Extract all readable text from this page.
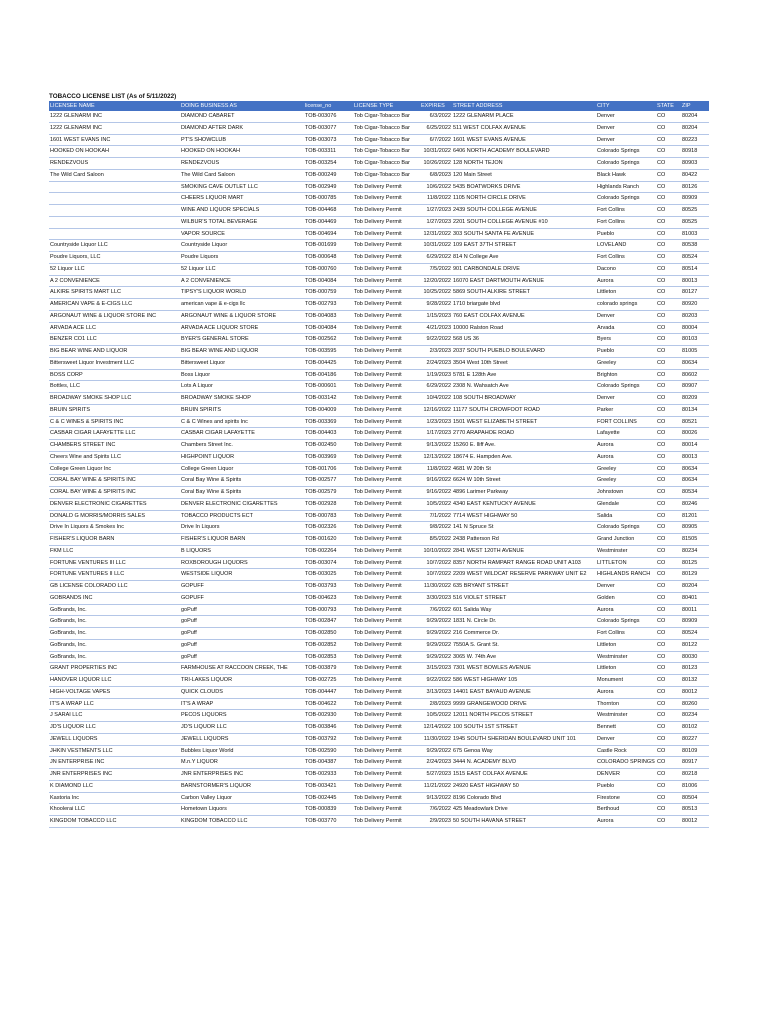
TOBACCO LICENSE LIST (As of 5/11/2022)
LICENSEE NAME	DOING BUSINESS AS	license_no	LICENSE TYPE	EXPIRES	STREET ADDRESS	CITY	STATE	ZIP
1222 GLENARM INC	DIAMOND CABARET	TOB-003076	Tob Cigar-Tobacco Bar	6/3/2022	1222 GLENARM PLACE	Denver	CO	80204
1222 GLENARM INC	DIAMOND AFTER DARK	TOB-003077	Tob Cigar-Tobacco Bar	6/25/2022	511 WEST COLFAX AVENUE	Denver	CO	80204
1601 WEST EVANS INC	PT'S SHOWCLUB	TOB-003073	Tob Cigar-Tobacco Bar	6/7/2022	1601 WEST EVANS AVENUE	Denver	CO	80223
HOOKED ON HOOKAH	HOOKED ON HOOKAH	TOB-003311	Tob Cigar-Tobacco Bar	10/31/2022	6406 NORTH ACADEMY BOULEVARD	Colorado Springs	CO	80918
RENDEZVOUS	RENDEZVOUS	TOB-003254	Tob Cigar-Tobacco Bar	10/26/2022	128 NORTH TEJON	Colorado Springs	CO	80903
The Wild Card Saloon	The Wild Card Saloon	TOB-000249	Tob Cigar-Tobacco Bar	6/8/2023	120 Main Street	Black Hawk	CO	80422
	SMOKING CAVE OUTLET LLC	TOB-002949	Tob Delivery Permit	10/6/2022	5435 BOATWORKS DRIVE	Highlands Ranch	CO	80126
	CHEERS LIQUOR MART	TOB-000785	Tob Delivery Permit	11/8/2022	1105 NORTH CIRCLE DRIVE	Colorado Springs	CO	80909
	WINE AND LIQUOR SPECIALS	TOB-004468	Tob Delivery Permit	1/27/2023	2439 SOUTH COLLEGE AVENUE	Fort Collins	CO	80525
	WILBUR'S TOTAL BEVERAGE	TOB-004469	Tob Delivery Permit	1/27/2023	2201 SOUTH COLLEGE AVENUE #10	Fort Collins	CO	80525
	VAPOR SOURCE	TOB-004694	Tob Delivery Permit	12/31/2022	303 SOUTH SANTA FE AVENUE	Pueblo	CO	81003
Countryside Liquor LLC	Countryside Liquor	TOB-001699	Tob Delivery Permit	10/31/2022	109 EAST 37TH STREET	LOVELAND	CO	80538
Poudre Liquors, LLC	Poudre Liquors	TOB-000648	Tob Delivery Permit	6/29/2022	814 N College Ave	Fort Collins	CO	80524
52 Liquor LLC	52 Liquor LLC	TOB-000760	Tob Delivery Permit	7/5/2022	901 CARBONDALE DRIVE	Dacono	CO	80514
A 2 CONVENIENCE	A 2 CONVENIENCE	TOB-004084	Tob Delivery Permit	12/20/2022	16070 EAST DARTMOUTH AVENUE	Aurora	CO	80013
ALKIRE SPIRITS MART LLC	TIPSY'S LIQUOR WORLD	TOB-000759	Tob Delivery Permit	10/25/2022	5869 SOUTH ALKIRE STREET	Littleton	CO	80127
AMERICAN VAPE & E-CIGS LLC	american vape & e-cigs llc	TOB-002793	Tob Delivery Permit	9/28/2022	1710 briargate blvd	colorado springs	CO	80920
ARGONAUT WINE & LIQUOR STORE INC	ARGONAUT WINE & LIQUOR STORE	TOB-004083	Tob Delivery Permit	1/15/2023	760 EAST COLFAX AVENUE	Denver	CO	80203
ARVADA ACE LLC	ARVADA ACE LIQUOR STORE	TOB-004084	Tob Delivery Permit	4/21/2023	10000 Ralston Road	Arvada	CO	80004
BENZER CO1 LLC	BYER'S GENERAL STORE	TOB-002562	Tob Delivery Permit	9/22/2022	568 US 36	Byers	CO	80103
BIG BEAR WINE AND LIQUOR	BIG BEAR WINE AND LIQUOR	TOB-003595	Tob Delivery Permit	2/3/2023	2037 SOUTH PUEBLO BOULEVARD	Pueblo	CO	81005
Bittersweet Liquor Investment LLC	Bittersweet Liquor	TOB-004425	Tob Delivery Permit	2/24/2023	3504 West 10th Street	Greeley	CO	80634
BOSS CORP	Boss Liquor	TOB-004186	Tob Delivery Permit	1/19/2023	5781 E 128th Ave	Brighton	CO	80602
Bottles, LLC	Lots A Liquor	TOB-000601	Tob Delivery Permit	6/29/2022	2308 N. Wahsatch Ave	Colorado Springs	CO	80907
BROADWAY SMOKE SHOP LLC	BROADWAY SMOKE SHOP	TOB-003142	Tob Delivery Permit	10/4/2022	108 SOUTH BROADWAY	Denver	CO	80209
BRUIN SPIRITS	BRUIN SPIRITS	TOB-004009	Tob Delivery Permit	12/16/2022	11177 SOUTH CROWFOOT ROAD	Parker	CO	80134
C & C WINES & SPIRITS INC	C & C Wines and spirits Inc	TOB-003369	Tob Delivery Permit	1/23/2023	1501 WEST ELIZABETH STREET	FORT COLLINS	CO	80521
CASBAR CIGAR LAFAYETTE LLC	CASBAR CIGAR LAFAYETTE	TOB-004403	Tob Delivery Permit	1/17/2023	2770 ARAPAHOE ROAD	Lafayette	CO	80026
CHAMBERS STREET INC	Chambers Street Inc.	TOB-002450	Tob Delivery Permit	9/13/2022	15260 E. Iliff Ave.	Aurora	CO	80014
Cheers Wine and Spirits LLC	HIGHPOINT LIQUOR	TOB-003969	Tob Delivery Permit	12/13/2022	18674 E. Hampden Ave.	Aurora	CO	80013
College Green Liquor Inc	College Green Liquor	TOB-001706	Tob Delivery Permit	11/8/2022	4681 W 20th St	Greeley	CO	80634
CORAL BAY WINE & SPIRITS INC	Coral Bay Wine & Spirits	TOB-002577	Tob Delivery Permit	9/16/2022	6624 W 10th Street	Greeley	CO	80634
CORAL BAY WINE & SPIRITS INC	Coral Bay Wine & Spirits	TOB-002579	Tob Delivery Permit	9/16/2022	4896 Larimer Parkway	Johnstown	CO	80534
DENVER ELECTRONIC CIGARETTES	DENVER ELECTRONIC CIGARETTES	TOB-002928	Tob Delivery Permit	10/5/2022	4340 EAST KENTUCKY AVENUE	Glendale	CO	80246
DONALD G MORRIS/MORRIS SALES	TOBACCO PRODUCTS ECT	TOB-000783	Tob Delivery Permit	7/1/2022	7714 WEST HIGHWAY 50	Salida	CO	81201
Drive In Liquors & Smokes Inc	Drive In Liquors	TOB-002326	Tob Delivery Permit	9/8/2022	141 N Spruce St	Colorado Springs	CO	80905
FISHER'S LIQUOR BARN	FISHER'S LIQUOR BARN	TOB-001620	Tob Delivery Permit	8/5/2022	2438 Patterson Rd	Grand Junction	CO	81505
FKM LLC	B LIQUORS	TOB-002264	Tob Delivery Permit	10/10/2022	2841 WEST 120TH AVENUE	Westminster	CO	80234
FORTUNE VENTURES III LLC	ROXBOROUGH LIQUORS	TOB-003074	Tob Delivery Permit	10/7/2022	8357 NORTH RAMPART RANGE ROAD UNIT A103	LITTLETON	CO	80125
FORTUNE VENTURES II LLC	WESTSIDE LIQUOR	TOB-003025	Tob Delivery Permit	10/7/2022	2209 WEST WILDCAT RESERVE PARKWAY UNIT E2	HIGHLANDS RANCH	CO	80129
GB LICENSE COLORADO LLC	GOPUFF	TOB-003793	Tob Delivery Permit	11/30/2022	635 BRYANT STREET	Denver	CO	80204
GOBRANDS INC	GOPUFF	TOB-004623	Tob Delivery Permit	3/30/2023	516 VIOLET STREET	Golden	CO	80401
GoBrands, Inc.	goPuff	TOB-000793	Tob Delivery Permit	7/6/2022	601 Salida Way	Aurora	CO	80011
GoBrands, Inc.	goPuff	TOB-002847	Tob Delivery Permit	9/29/2022	1831 N. Circle Dr.	Colorado Springs	CO	80909
GoBrands, Inc.	goPuff	TOB-002850	Tob Delivery Permit	9/29/2022	216 Commerce Dr.	Fort Collins	CO	80524
GoBrands, Inc.	goPuff	TOB-002852	Tob Delivery Permit	9/29/2022	7550A S. Grant St.	Littleton	CO	80122
GoBrands, Inc.	goPuff	TOB-002853	Tob Delivery Permit	9/29/2022	3065 W. 74th Ave	Westminster	CO	80030
GRANT PROPERTIES INC	FARMHOUSE AT RACCOON CREEK, THE	TOB-003879	Tob Delivery Permit	3/15/2023	7301 WEST BOWLES AVENUE	Littleton	CO	80123
HANOVER LIQUOR LLC	TRI-LAKES LIQUOR	TOB-002725	Tob Delivery Permit	9/22/2022	586 WEST HIGHWAY 105	Monument	CO	80132
HIGH-VOLTAGE VAPES	QUICK CLOUDS	TOB-004447	Tob Delivery Permit	3/13/2023	14401 EAST BAYAUD AVENUE	Aurora	CO	80012
IT'S A WRAP LLC	IT'S A WRAP	TOB-004622	Tob Delivery Permit	2/8/2023	9999 GRANGEWOOD DRIVE	Thornton	CO	80260
J SARAI LLC	PECOS LIQUORS	TOB-002930	Tob Delivery Permit	10/5/2022	12011 NORTH PECOS STREET	Westminster	CO	80234
JD'S LIQUOR LLC	JD'S LIQUOR LLC	TOB-003846	Tob Delivery Permit	12/14/2022	100 SOUTH 1ST STREET	Bennett	CO	80102
JEWELL LIQUORS	JEWELL LIQUORS	TOB-003792	Tob Delivery Permit	11/30/2022	1945 SOUTH SHERIDAN BOULEVARD UNIT 101	Denver	CO	80227
JHKIN VESTMENTS LLC	Bubbles Liquor World	TOB-002590	Tob Delivery Permit	9/29/2022	675 Genoa Way	Castle Rock	CO	80109
JN ENTERPRISE INC	M.n.Y LIQUOR	TOB-004387	Tob Delivery Permit	2/24/2023	3444 N. ACADEMY BLVD	COLORADO SPRINGS	CO	80917
JNR ENTERPRISES INC	JNR ENTERPRISES INC	TOB-002933	Tob Delivery Permit	5/27/2023	1515 EAST COLFAX AVENUE	DENVER	CO	80218
K DIAMOND LLC	BARNSTORMER'S LIQUOR	TOB-003421	Tob Delivery Permit	11/21/2022	24920 EAST HIGHWAY 50	Pueblo	CO	81006
Kastoria Inc	Carbon Valley Liquor	TOB-002445	Tob Delivery Permit	9/13/2022	8196 Colorado Blvd	Firestone	CO	80504
Khoolerai LLC	Hometown Liquors	TOB-000839	Tob Delivery Permit	7/6/2022	425 Meadowlark Drive	Berthoud	CO	80513
KINGDOM TOBACCO LLC	KINGDOM TOBACCO LLC	TOB-003770	Tob Delivery Permit	2/9/2023	50 SOUTH HAVANA STREET	Aurora	CO	80012
